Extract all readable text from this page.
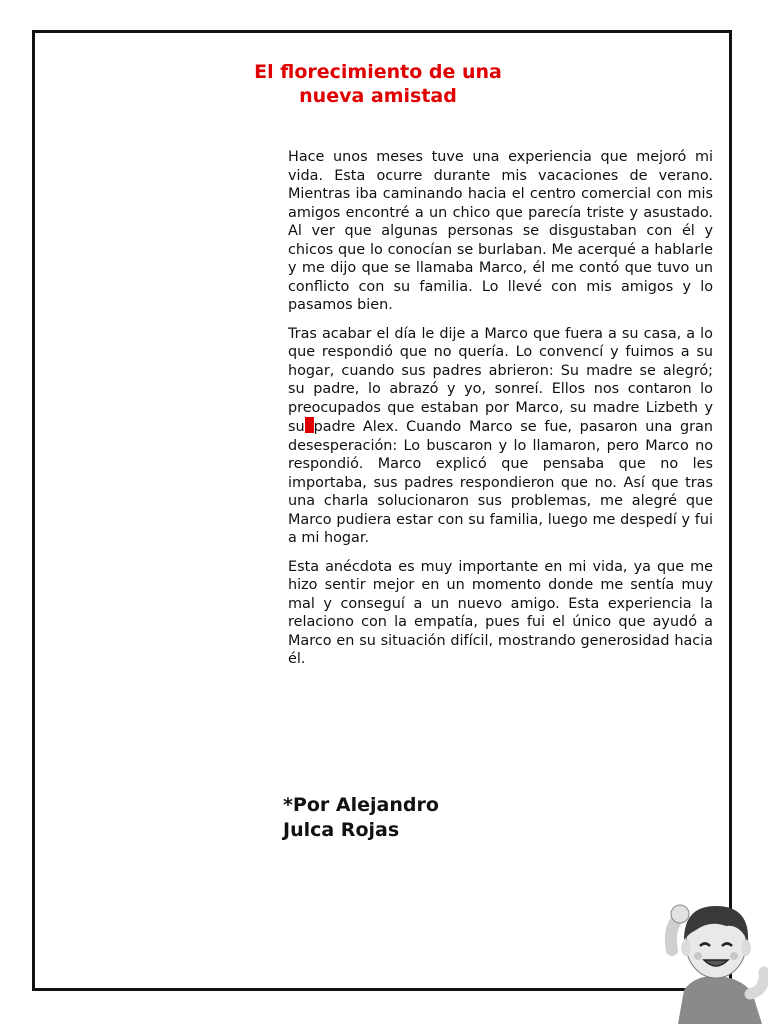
El florecimiento de una
nueva amistad

Hace unos meses tuve una experiencia que mejoró mi vida. Esta ocurre durante mis vacaciones de verano. Mientras iba caminando hacia el centro comercial con mis amigos encontré a un chico que parecía triste y asustado. Al ver que algunas personas se disgustaban con él y chicos que lo conocían se burlaban. Me acerqué a hablarle y me dijo que se llamaba Marco, él me contó que tuvo un conflicto con su familia. Lo llevé con mis amigos y lo pasamos bien.

Tras acabar el día le dije a Marco que fuera a su casa, a lo que respondió que no quería. Lo convencí y fuimos a su hogar, cuando sus padres abrieron: Su madre se alegró; su padre, lo abrazó y yo, sonreí. Ellos nos contaron lo preocupados que estaban por Marco, su madre Lizbeth y su padre Alex. Cuando Marco se fue, pasaron una gran desesperación: Lo buscaron y lo llamaron, pero Marco no respondió. Marco explicó que pensaba que no les importaba, sus padres respondieron que no. Así que tras una charla solucionaron sus problemas, me alegré que Marco pudiera estar con su familia, luego me despedí y fui a mi hogar.

Esta anécdota es muy importante en mi vida, ya que me hizo sentir mejor en un momento donde me sentía muy mal y conseguí a un nuevo amigo. Esta experiencia la relaciono con la empatía, pues fui el único que ayudó a Marco en su situación difícil, mostrando generosidad hacia él.

*Por Alejandro
Julca Rojas
